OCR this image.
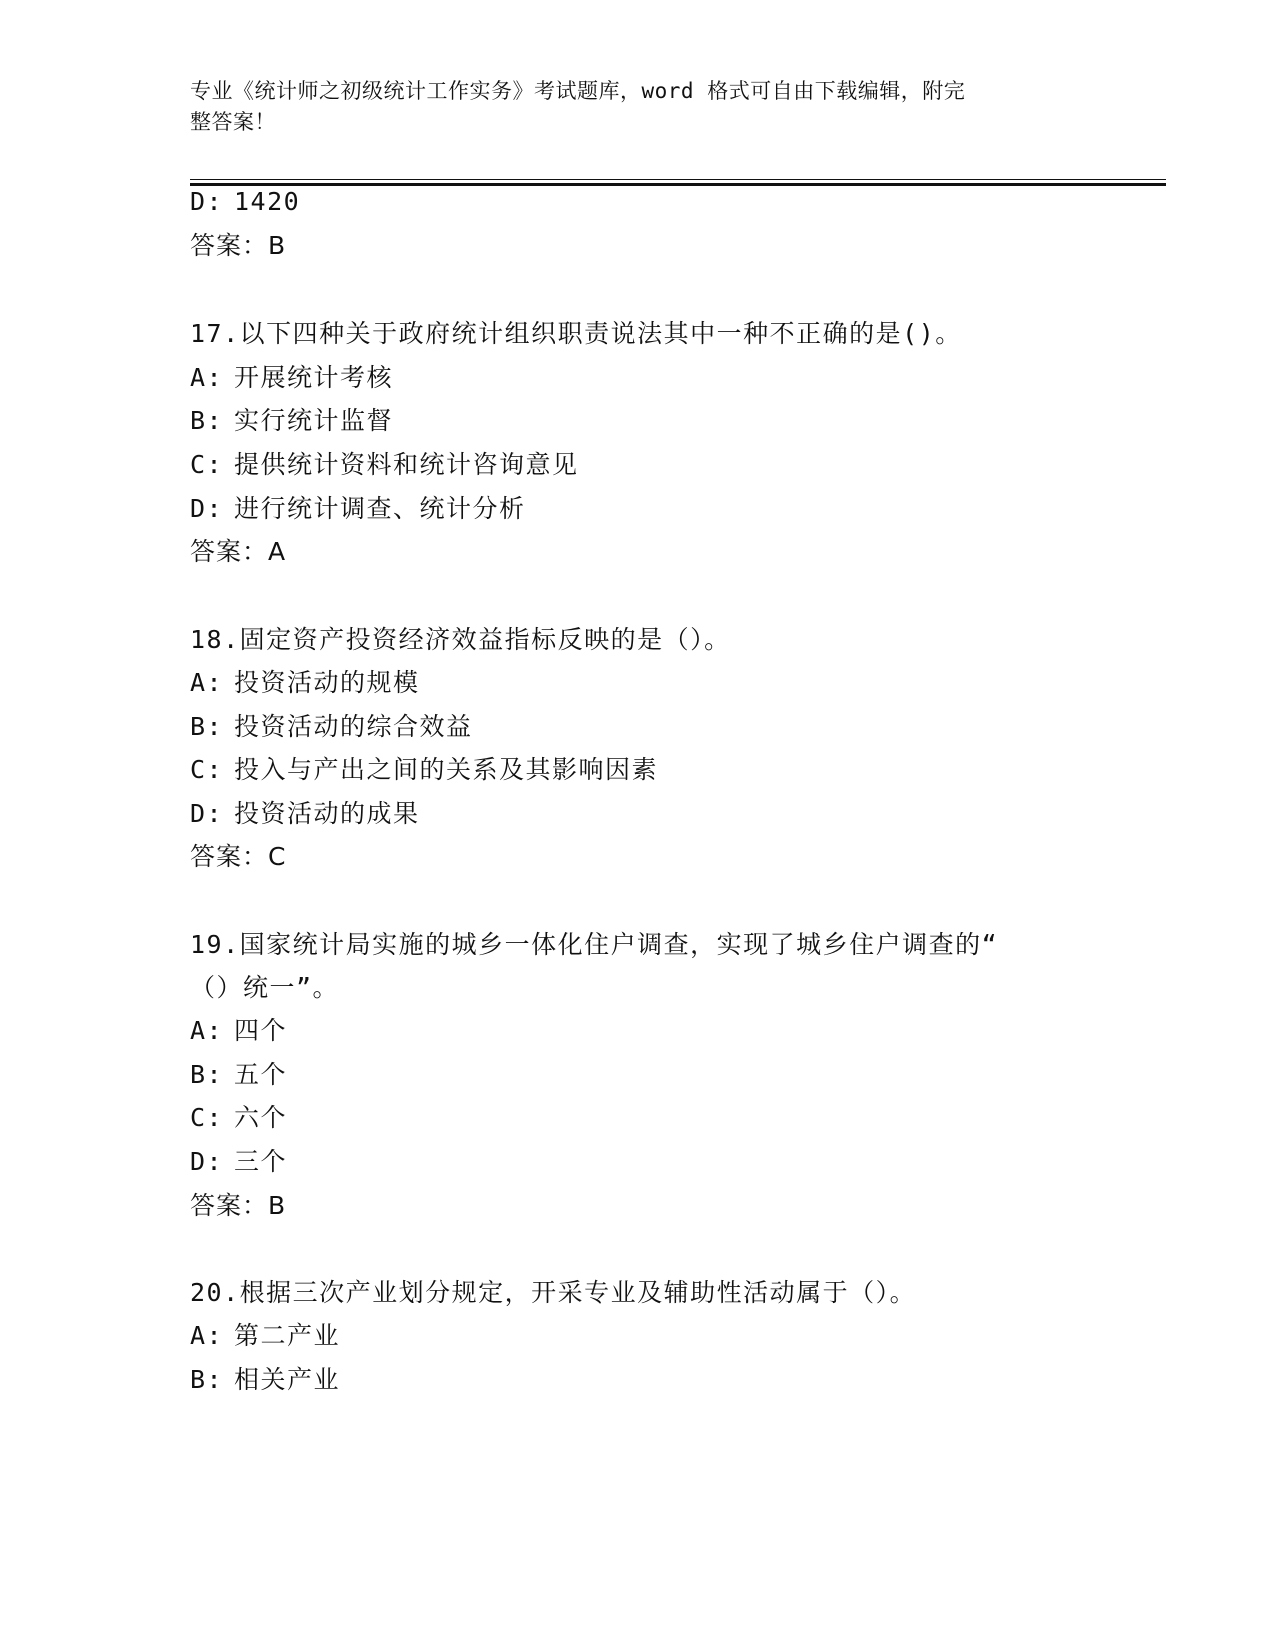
专业《统计师之初级统计工作实务》考试题库，word 格式可自由下载编辑，附完
整答案！
D: 1420
答案：B
17.以下四种关于政府统计组织职责说法其中一种不正确的是()。
A: 开展统计考核
B: 实行统计监督
C: 提供统计资料和统计咨询意见
D: 进行统计调查、统计分析
答案：A
18.固定资产投资经济效益指标反映的是（）。
A: 投资活动的规模
B: 投资活动的综合效益
C: 投入与产出之间的关系及其影响因素
D: 投资活动的成果
答案：C
19.国家统计局实施的城乡一体化住户调查，实现了城乡住户调查的“
（）统一”。
A: 四个
B: 五个
C: 六个
D: 三个
答案：B
20.根据三次产业划分规定，开采专业及辅助性活动属于（）。
A: 第二产业
B: 相关产业
